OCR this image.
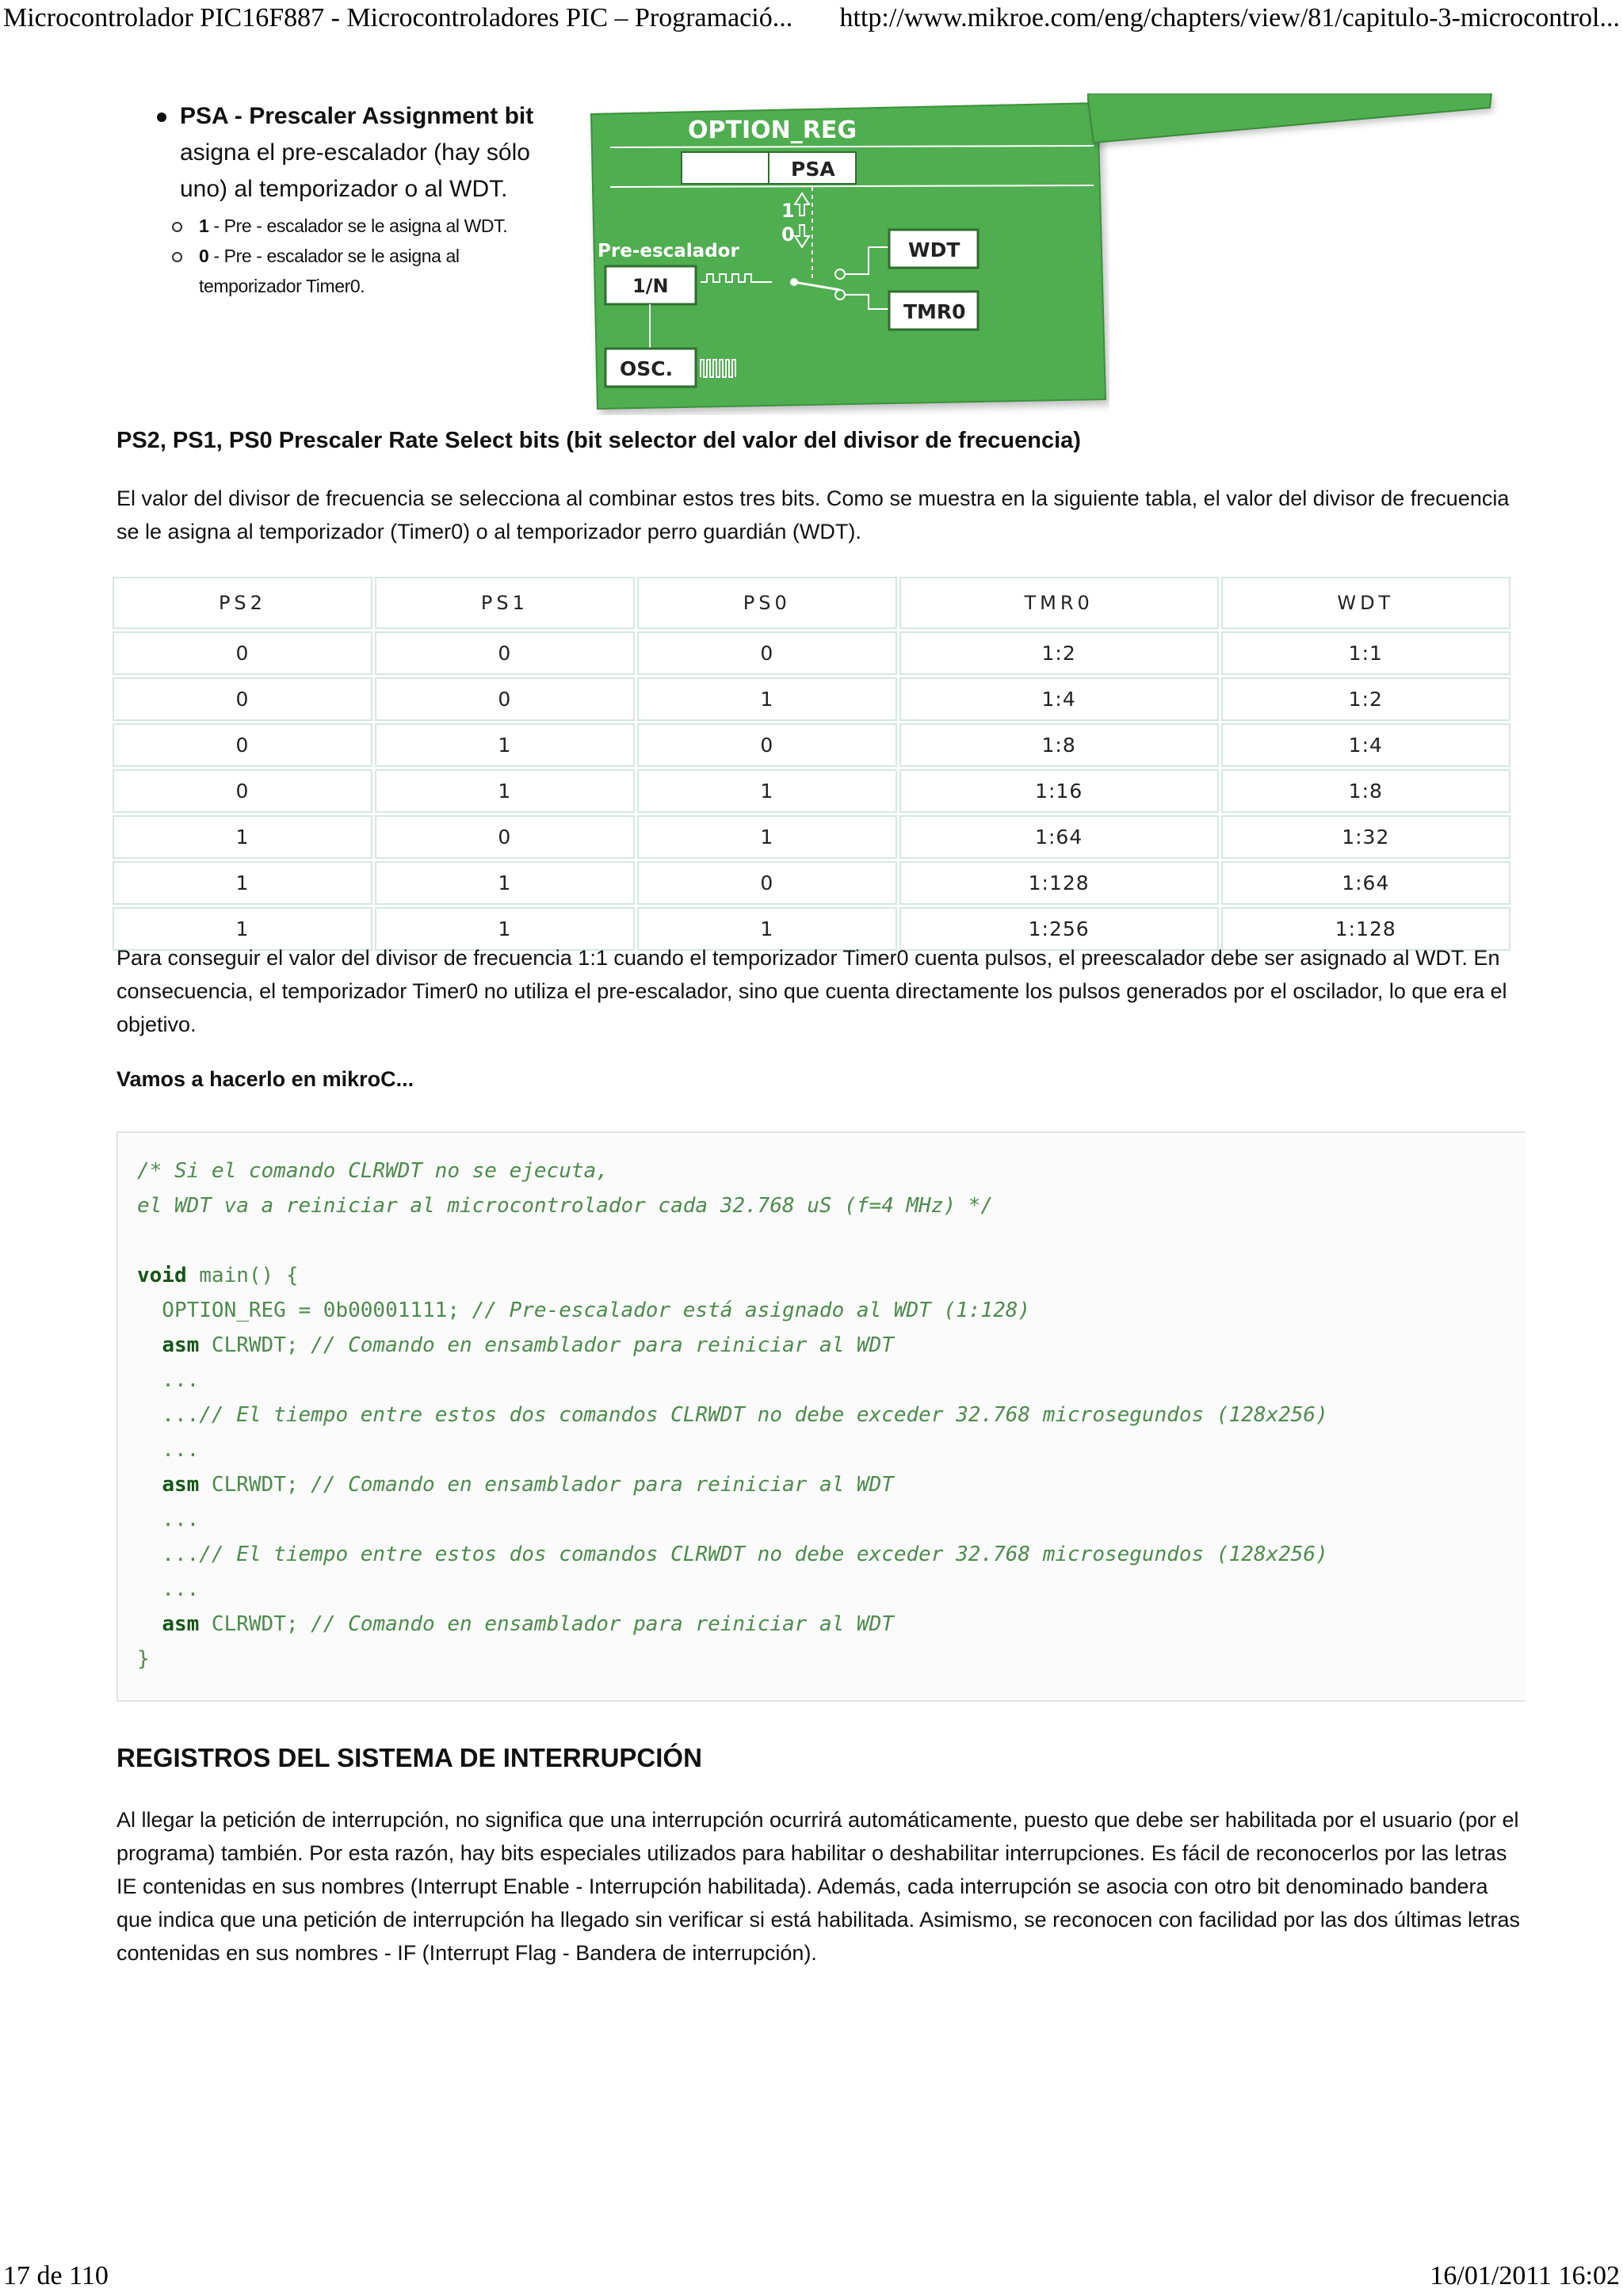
Microcontrolador PIC16F887 - Microcontroladores PIC – Programació... http://www.mikroe.com/eng/chapters/view/81/capitulo-3-microcontrol...
PSA - Prescaler Assignment bit
asigna el pre-escalador (hay sólo uno) al temporizador o al WDT.
1 - Pre - escalador se le asigna al WDT.
0 - Pre - escalador se le asigna al temporizador Timer0.
OPTION_REG
PSA
1
0
Pre-escalador
1/N
WDT
TMR0
OSC.
PS2, PS1, PS0 Prescaler Rate Select bits (bit selector del valor del divisor de frecuencia)

El valor del divisor de frecuencia se selecciona al combinar estos tres bits. Como se muestra en la siguiente tabla, el valor del divisor de frecuencia se le asigna al temporizador (Timer0) o al temporizador perro guardián (WDT).

PS2	PS1	PS0	TMR0	WDT
0	0	0	1:2	1:1
0	0	1	1:4	1:2
0	1	0	1:8	1:4
0	1	1	1:16	1:8
1	0	1	1:64	1:32
1	1	0	1:128	1:64
1	1	1	1:256	1:128

Para conseguir el valor del divisor de frecuencia 1:1 cuando el temporizador Timer0 cuenta pulsos, el preescalador debe ser asignado al WDT. En consecuencia, el temporizador Timer0 no utiliza el pre-escalador, sino que cuenta directamente los pulsos generados por el oscilador, lo que era el objetivo.

Vamos a hacerlo en mikroC...

/* Si el comando CLRWDT no se ejecuta,
el WDT va a reiniciar al microcontrolador cada 32.768 uS (f=4 MHz) */
void main() {
OPTION_REG = 0b00001111; // Pre-escalador está asignado al WDT (1:128)
asm CLRWDT; // Comando en ensamblador para reiniciar al WDT
...
...// El tiempo entre estos dos comandos CLRWDT no debe exceder 32.768 microsegundos (128x256)
...
asm CLRWDT; // Comando en ensamblador para reiniciar al WDT
...
...// El tiempo entre estos dos comandos CLRWDT no debe exceder 32.768 microsegundos (128x256)
...
asm CLRWDT; // Comando en ensamblador para reiniciar al WDT
}
REGISTROS DEL SISTEMA DE INTERRUPCIÓN

Al llegar la petición de interrupción, no significa que una interrupción ocurrirá automáticamente, puesto que debe ser habilitada por el usuario (por el programa) también. Por esta razón, hay bits especiales utilizados para habilitar o deshabilitar interrupciones. Es fácil de reconocerlos por las letras IE contenidas en sus nombres (Interrupt Enable - Interrupción habilitada). Además, cada interrupción se asocia con otro bit denominado bandera que indica que una petición de interrupción ha llegado sin verificar si está habilitada. Asimismo, se reconocen con facilidad por las dos últimas letras contenidas en sus nombres - IF (Interrupt Flag - Bandera de interrupción).

17 de 110	16/01/2011 16:02
